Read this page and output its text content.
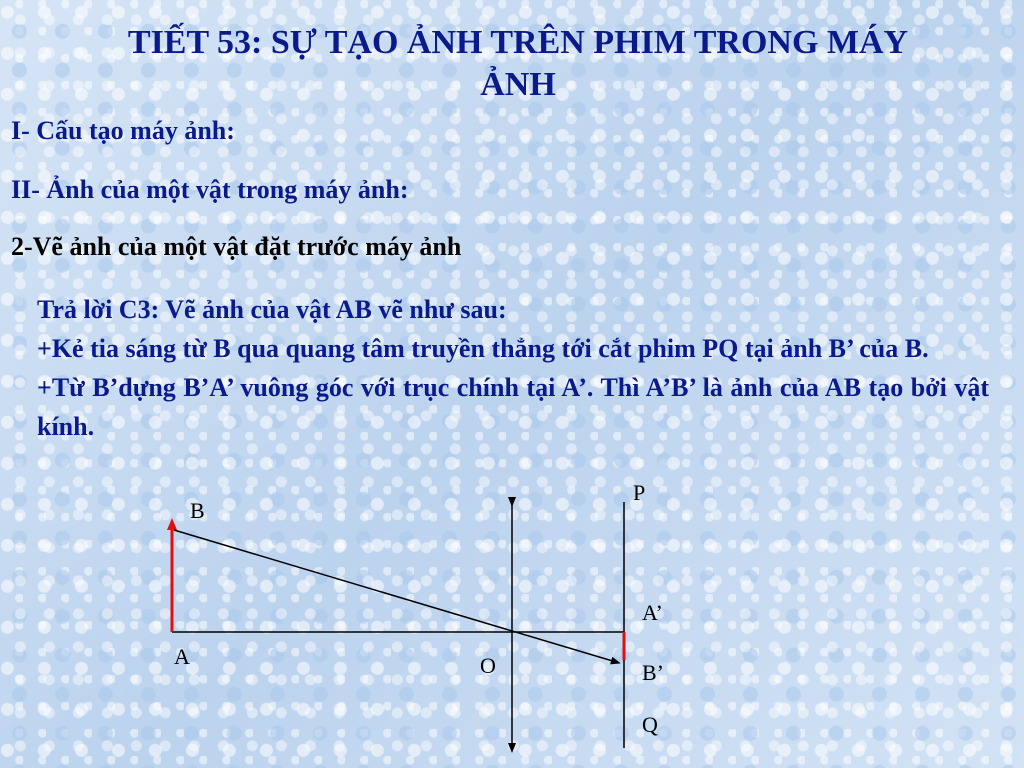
TIẾT 53: SỰ TẠO ẢNH TRÊN PHIM TRONG MÁY ẢNH
I- Cấu tạo máy ảnh:
II- Ảnh của một vật trong máy ảnh:
2-Vẽ ảnh của một vật đặt trước máy ảnh

Trả lời C3: Vẽ ảnh của vật AB vẽ như sau:

+Kẻ tia sáng từ B qua quang tâm truyền thẳng tới cắt phim PQ tại ảnh B’ của B.

+Từ B’dựng B’A’ vuông góc với trục chính tại A’. Thì A’B’ là ảnh của AB tạo bởi vật kính.

B
A	O
P
A’
B’
Q
